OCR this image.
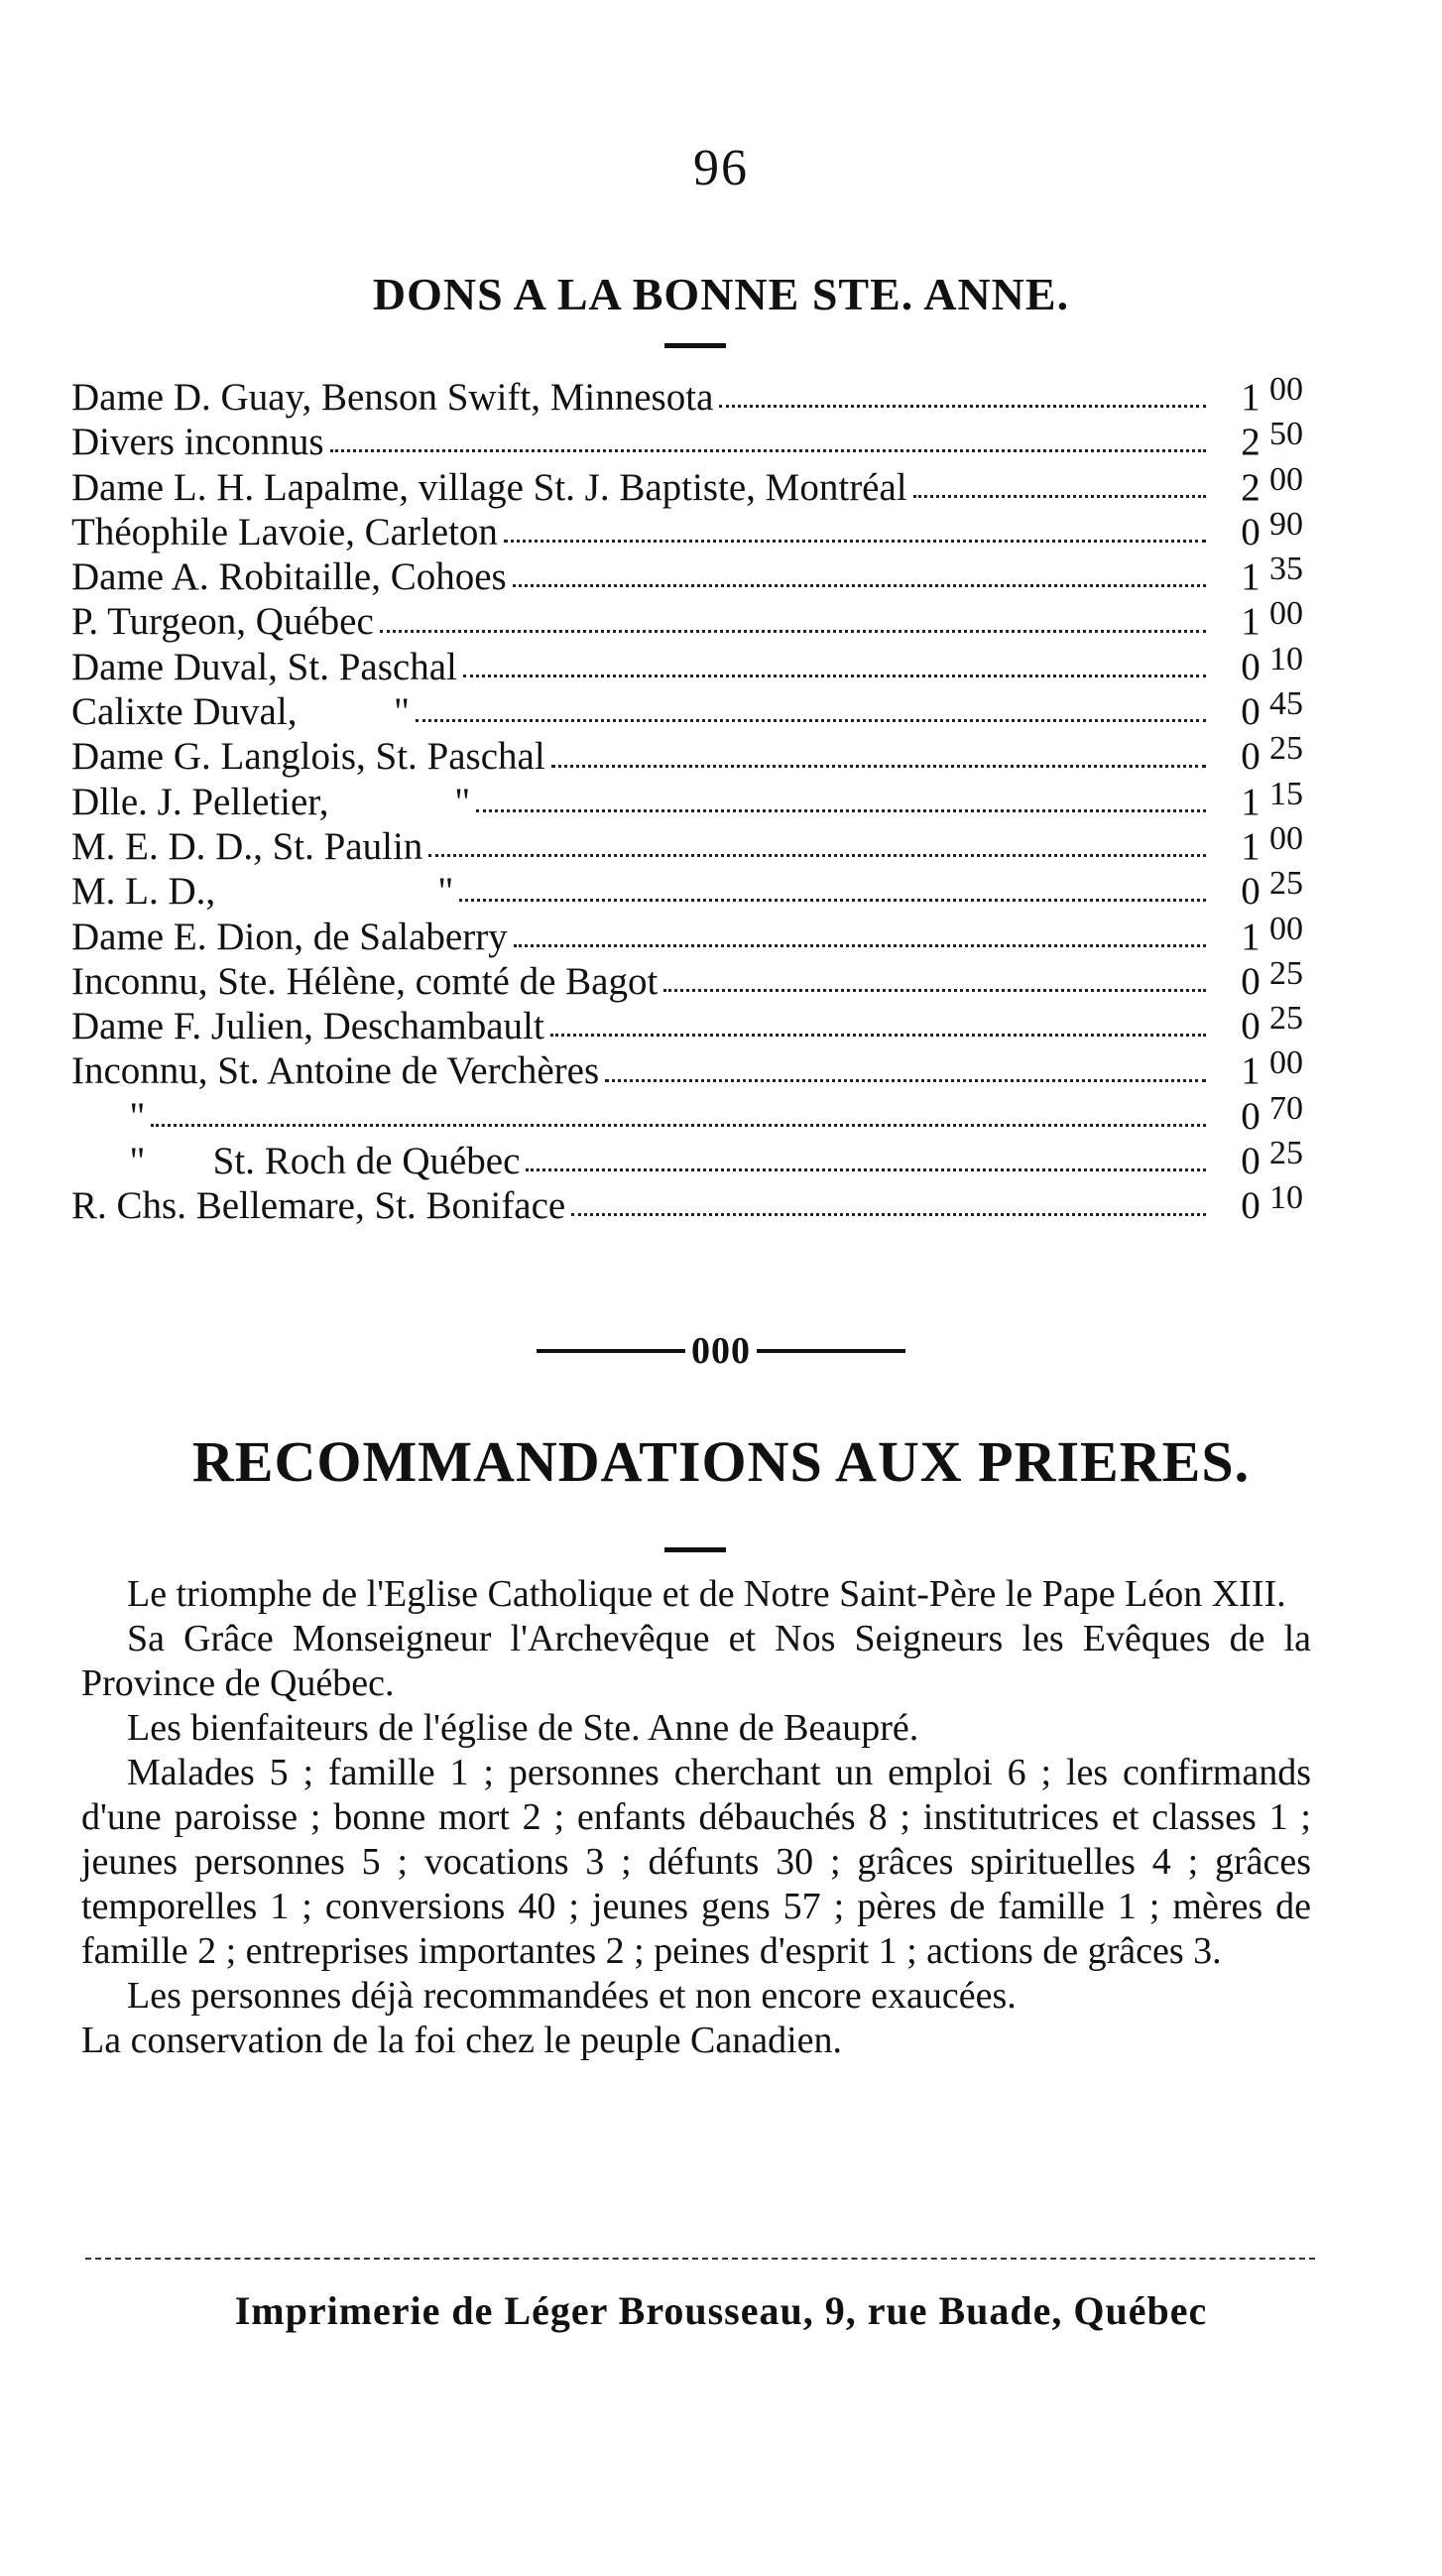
96
DONS A LA BONNE STE. ANNE.
Dame D. Guay, Benson Swift, Minnesota	1 00
Divers inconnus	2 50
Dame L. H. Lapalme, village St. J. Baptiste, Montréal	2 00
Théophile Lavoie, Carleton	0 90
Dame A. Robitaille, Cohoes	1 35
P. Turgeon, Québec	1 00
Dame Duval, St. Paschal	0 10
Calixte Duval,          "	0 45
Dame G. Langlois, St. Paschal	0 25
Dlle. J. Pelletier,             "	1 15
M. E. D. D., St. Paulin	1 00
M. L. D.,                       "	0 25
Dame E. Dion, de Salaberry	1 00
Inconnu, Ste. Hélène, comté de Bagot	0 25
Dame F. Julien, Deschambault	0 25
Inconnu, St. Antoine de Verchères	1 00
"	0 70
"       St. Roch de Québec	0 25
R. Chs. Bellemare, St. Boniface	0 10
000
RECOMMANDATIONS AUX PRIERES.

Le triomphe de l'Eglise Catholique et de Notre Saint-Père le Pape Léon XIII.

Sa Grâce Monseigneur l'Archevêque et Nos Seigneurs les Evêques de la Province de Québec.

Les bienfaiteurs de l'église de Ste. Anne de Beaupré.

Malades 5 ; famille 1 ; personnes cherchant un emploi 6 ; les confirmands d'une paroisse ; bonne mort 2 ; enfants débauchés 8 ; institutrices et classes 1 ; jeunes personnes 5 ; vocations 3 ; défunts 30 ; grâces spirituelles 4 ; grâces temporelles 1 ; conversions 40 ; jeunes gens 57 ; pères de famille 1 ; mères de famille 2 ; entreprises importantes 2 ; peines d'esprit 1 ; actions de grâces 3.

Les personnes déjà recommandées et non encore exaucées.

La conservation de la foi chez le peuple Canadien.

Imprimerie de Léger Brousseau, 9, rue Buade, Québec
